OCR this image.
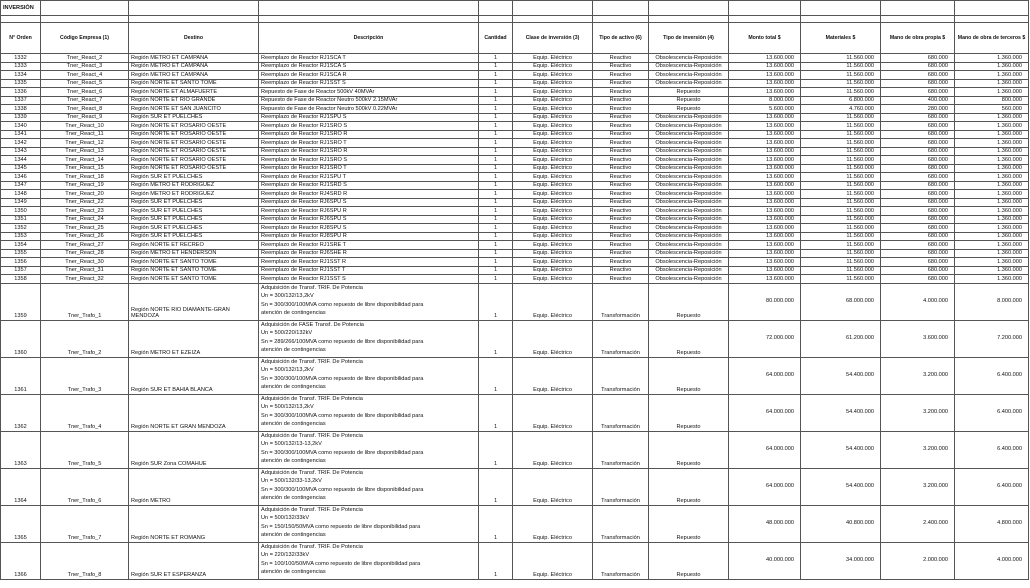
INVERSIÓN											

N° Orden	Código Empresa (1)	Destino	Descripción	Cantidad	Clase de inversión (3)	Tipo de activo (6)	Tipo de inversión (4)	Monto total $	Materiales $	Mano de obra propia $	Mano de obra de terceros $
1332	Tner_React_2	Región METRO ET CAMPANA	Reemplazo de Reactor RJ1SCA T	1	Equip. Eléctrico	Reactivo	Obsolescencia-Reposición	13.600.000	11.560.000	680.000	1.360.000
1333	Tner_React_3	Región METRO ET CAMPANA	Reemplazo de Reactor RJ1SCA S	1	Equip. Eléctrico	Reactivo	Obsolescencia-Reposición	13.600.000	11.560.000	680.000	1.360.000
1334	Tner_React_4	Región METRO ET CAMPANA	Reemplazo de Reactor RJ1SCA R	1	Equip. Eléctrico	Reactivo	Obsolescencia-Reposición	13.600.000	11.560.000	680.000	1.360.000
1335	Tner_React_5	Región NORTE ET SANTO TOME	Reemplazo de Reactor RJ1SST S	1	Equip. Eléctrico	Reactivo	Obsolescencia-Reposición	13.600.000	11.560.000	680.000	1.360.000
1336	Tner_React_6	Región NORTE ET ALMAFUERTE	Repuesto de Fase de Reactor 500kV 40MVAr	1	Equip. Eléctrico	Reactivo	Repuesto	13.600.000	11.560.000	680.000	1.360.000
1337	Tner_React_7	Región NORTE ET RIO GRANDE	Repuesto de Fase de Reactor Neutro 500kV 2.15MVAr	1	Equip. Eléctrico	Reactivo	Repuesto	8.000.000	6.800.000	400.000	800.000
1338	Tner_React_8	Región NORTE ET SAN JUANCITO	Repuesto de Fase de Reactor Neutro 500kV 0.22MVAr	1	Equip. Eléctrico	Reactivo	Repuesto	5.600.000	4.760.000	280.000	560.000
1339	Tner_React_9	Región SUR ET PUELCHES	Reemplazo de Reactor RJ1SPU S	1	Equip. Eléctrico	Reactivo	Obsolescencia-Reposición	13.600.000	11.560.000	680.000	1.360.000
1340	Tner_React_10	Región NORTE ET ROSARIO OESTE	Reemplazo de Reactor RJ1SRO S	1	Equip. Eléctrico	Reactivo	Obsolescencia-Reposición	13.600.000	11.560.000	680.000	1.360.000
1341	Tner_React_11	Región NORTE ET ROSARIO OESTE	Reemplazo de Reactor RJ1SRO R	1	Equip. Eléctrico	Reactivo	Obsolescencia-Reposición	13.600.000	11.560.000	680.000	1.360.000
1342	Tner_React_12	Región NORTE ET ROSARIO OESTE	Reemplazo de Reactor RJ1SRO T	1	Equip. Eléctrico	Reactivo	Obsolescencia-Reposición	13.600.000	11.560.000	680.000	1.360.000
1343	Tner_React_13	Región NORTE ET ROSARIO OESTE	Reemplazo de Reactor RJ1SRO R	1	Equip. Eléctrico	Reactivo	Obsolescencia-Reposición	13.600.000	11.560.000	680.000	1.360.000
1344	Tner_React_14	Región NORTE ET ROSARIO OESTE	Reemplazo de Reactor RJ1SRO S	1	Equip. Eléctrico	Reactivo	Obsolescencia-Reposición	13.600.000	11.560.000	680.000	1.360.000
1345	Tner_React_15	Región NORTE ET ROSARIO OESTE	Reemplazo de Reactor RJ1SRO T	1	Equip. Eléctrico	Reactivo	Obsolescencia-Reposición	13.600.000	11.560.000	680.000	1.360.000
1346	Tner_React_18	Región SUR ET PUELCHES	Reemplazo de Reactor RJ1SPU T	1	Equip. Eléctrico	Reactivo	Obsolescencia-Reposición	13.600.000	11.560.000	680.000	1.360.000
1347	Tner_React_19	Región METRO ET RODRIGUEZ	Reemplazo de Reactor RJ1SRD S	1	Equip. Eléctrico	Reactivo	Obsolescencia-Reposición	13.600.000	11.560.000	680.000	1.360.000
1348	Tner_React_20	Región METRO ET RODRIGUEZ	Reemplazo de Reactor RJ4SRD R	1	Equip. Eléctrico	Reactivo	Obsolescencia-Reposición	13.600.000	11.560.000	680.000	1.360.000
1349	Tner_React_22	Región SUR ET PUELCHES	Reemplazo de Reactor RJ6SPU S	1	Equip. Eléctrico	Reactivo	Obsolescencia-Reposición	13.600.000	11.560.000	680.000	1.360.000
1350	Tner_React_23	Región SUR ET PUELCHES	Reemplazo de Reactor RJ6SPU R	1	Equip. Eléctrico	Reactivo	Obsolescencia-Reposición	13.600.000	11.560.000	680.000	1.360.000
1351	Tner_React_24	Región SUR ET PUELCHES	Reemplazo de Reactor RJ6SPU S	1	Equip. Eléctrico	Reactivo	Obsolescencia-Reposición	13.600.000	11.560.000	680.000	1.360.000
1352	Tner_React_25	Región SUR ET PUELCHES	Reemplazo de Reactor RJ8SPU S	1	Equip. Eléctrico	Reactivo	Obsolescencia-Reposición	13.600.000	11.560.000	680.000	1.360.000
1353	Tner_React_26	Región SUR ET PUELCHES	Reemplazo de Reactor RJ8SPU R	1	Equip. Eléctrico	Reactivo	Obsolescencia-Reposición	13.600.000	11.560.000	680.000	1.360.000
1354	Tner_React_27	Región NORTE ET RECREO	Reemplazo de Reactor RJ1SRE T	1	Equip. Eléctrico	Reactivo	Obsolescencia-Reposición	13.600.000	11.560.000	680.000	1.360.000
1355	Tner_React_28	Región METRO ET HENDERSON	Reemplazo de Reactor RJ6SHE R	1	Equip. Eléctrico	Reactivo	Obsolescencia-Reposición	13.600.000	11.560.000	680.000	1.360.000
1356	Tner_React_30	Región NORTE ET SANTO TOME	Reemplazo de Reactor RJ1SST R	1	Equip. Eléctrico	Reactivo	Obsolescencia-Reposición	13.600.000	11.560.000	680.000	1.360.000
1357	Tner_React_31	Región NORTE ET SANTO TOME	Reemplazo de Reactor RJ1SST T	1	Equip. Eléctrico	Reactivo	Obsolescencia-Reposición	13.600.000	11.560.000	680.000	1.360.000
1358	Tner_React_32	Región NORTE ET SANTO TOME	Reemplazo de Reactor RJ1SST S	1	Equip. Eléctrico	Reactivo	Obsolescencia-Reposición	13.600.000	11.560.000	680.000	1.360.000
1359	Tner_Trafo_1	Región NORTE RIO DIAMANTE-GRAN MENDOZA	Adquisición de Transf. TRIF. De Potencia
Un = 300/132/13,2kV
Sn = 300/300/100MVA como repuesto de libre disponibilidad para
atención de contingencias	1	Equip. Eléctrico	Transformación	Repuesto	80.000.000	68.000.000	4.000.000	8.000.000
1360	Tner_Trafo_2	Región METRO ET EZEIZA	Adquisición de FASE Transf. De Potencia
Un = 500/220/132kV
Sn = 289/266/100MVA como repuesto de libre disponibilidad para
atención de contingencias	1	Equip. Eléctrico	Transformación	Repuesto	72.000.000	61.200.000	3.600.000	7.200.000
1361	Tner_Trafo_3	Región SUR ET BAHIA BLANCA	Adquisición de Transf. TRIF. De Potencia
Un = 500/132/13,2kV
Sn = 300/300/100MVA como repuesto de libre disponibilidad para
atención de contingencias	1	Equip. Eléctrico	Transformación	Repuesto	64.000.000	54.400.000	3.200.000	6.400.000
1362	Tner_Trafo_4	Región NORTE ET GRAN MENDOZA	Adquisición de Transf. TRIF. De Potencia
Un = 500/132/13,2kV
Sn = 300/300/100MVA como repuesto de libre disponibilidad para
atención de contingencias	1	Equip. Eléctrico	Transformación	Repuesto	64.000.000	54.400.000	3.200.000	6.400.000
1363	Tner_Trafo_5	Región SUR Zona COMAHUE	Adquisición de Transf. TRIF. De Potencia
Un = 500/132/13-13,2kV
Sn = 300/300/100MVA como repuesto de libre disponibilidad para
atención de contingencias	1	Equip. Eléctrico	Transformación	Repuesto	64.000.000	54.400.000	3.200.000	6.400.000
1364	Tner_Trafo_6	Región METRO	Adquisición de Transf. TRIF. De Potencia
Un = 500/132/33-13,2kV
Sn = 300/300/100MVA como repuesto de libre disponibilidad para
atención de contingencias	1	Equip. Eléctrico	Transformación	Repuesto	64.000.000	54.400.000	3.200.000	6.400.000
1365	Tner_Trafo_7	Región NORTE ET ROMANG	Adquisición de Transf. TRIF. De Potencia
Un = 500/132/33kV
Sn = 150/150/50MVA como repuesto de libre disponibilidad para
atención de contingencias	1	Equip. Eléctrico	Transformación	Repuesto	48.000.000	40.800.000	2.400.000	4.800.000
1366	Tner_Trafo_8	Región SUR ET ESPERANZA	Adquisición de Transf. TRIF. De Potencia
Un = 220/132/33kV
Sn = 100/100/50MVA como repuesto de libre disponibilidad para
atención de contingencias	1	Equip. Eléctrico	Transformación	Repuesto	40.000.000	34.000.000	2.000.000	4.000.000
